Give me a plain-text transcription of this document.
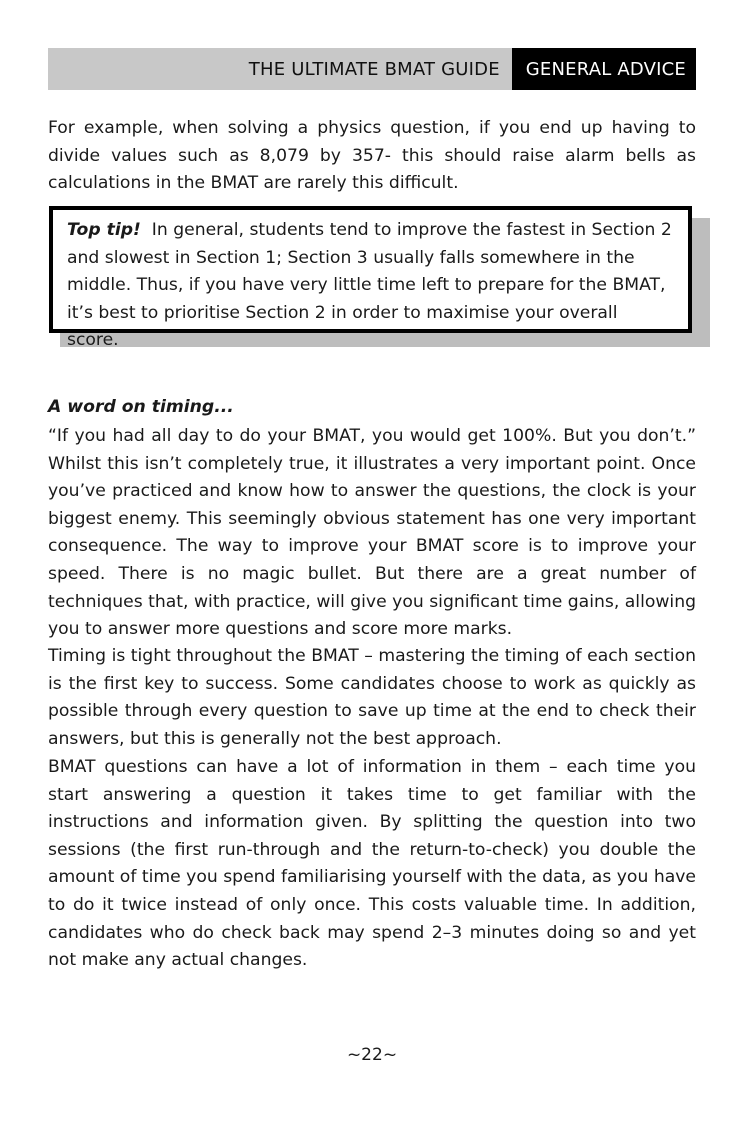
THE ULTIMATE BMAT GUIDE	GENERAL ADVICE

For example, when solving a physics question, if you end up having to divide values such as 8,079 by 357- this should raise alarm bells as calculations in the BMAT are rarely this difficult.

Top tip! In general, students tend to improve the fastest in Section 2 and slowest in Section 1; Section 3 usually falls somewhere in the middle. Thus, if you have very little time left to prepare for the BMAT, it’s best to prioritise Section 2 in order to maximise your overall score.

A word on timing...

“If you had all day to do your BMAT, you would get 100%. But you don’t.” Whilst this isn’t completely true, it illustrates a very important point. Once you’ve practiced and know how to answer the questions, the clock is your biggest enemy. This seemingly obvious statement has one very important consequence. The way to improve your BMAT score is to improve your speed. There is no magic bullet. But there are a great number of techniques that, with practice, will give you significant time gains, allowing you to answer more questions and score more marks.

Timing is tight throughout the BMAT – mastering the timing of each section is the first key to success. Some candidates choose to work as quickly as possible through every question to save up time at the end to check their answers, but this is generally not the best approach.

BMAT questions can have a lot of information in them – each time you start answering a question it takes time to get familiar with the instructions and information given. By splitting the question into two sessions (the first run-through and the return-to-check) you double the amount of time you spend familiarising yourself with the data, as you have to do it twice instead of only once. This costs valuable time. In addition, candidates who do check back may spend 2–3 minutes doing so and yet not make any actual changes.

~22~
